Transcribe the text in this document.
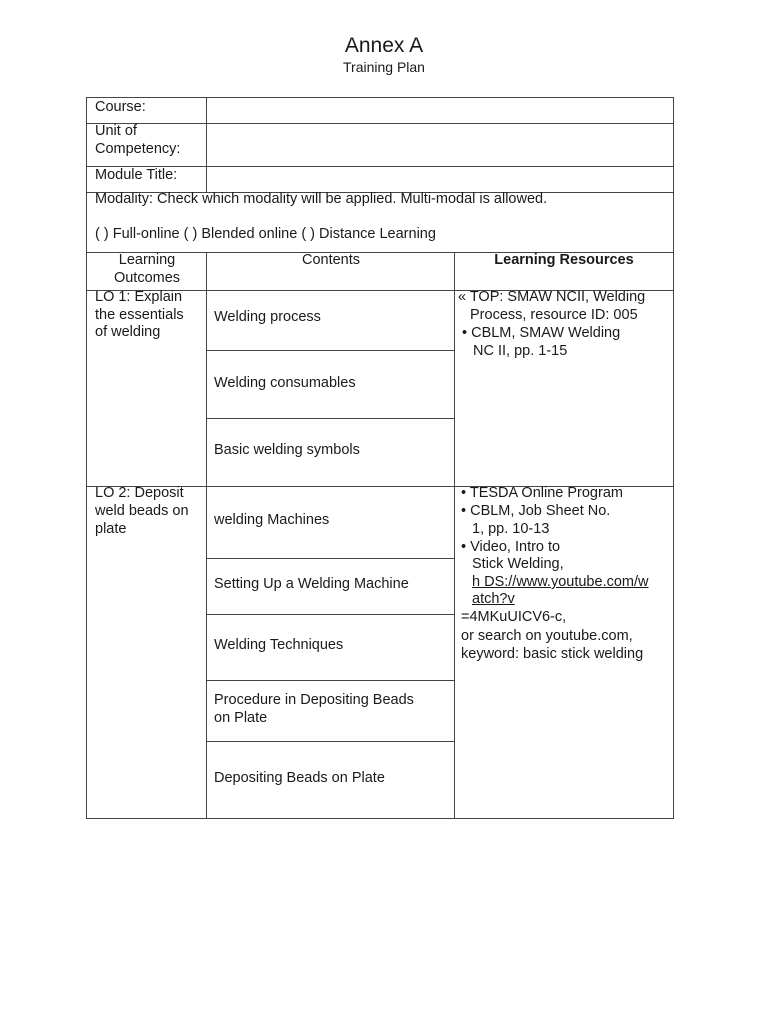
Annex A
Training Plan
Course:
Unit of
Competency:
Module Title:
Modality: Check which modality will be applied. Multi-modal is allowed.
( ) Full-online ( ) Blended online ( ) Distance Learning
Learning
Outcomes
Contents	Learning Resources
LO 1: Explain
the essentials
of welding
Welding process
Welding consumables
Basic welding symbols
« TOP: SMAW NCII, Welding
Process, resource ID: 005
• CBLM, SMAW Welding
NC II, pp. 1-15
LO 2: Deposit
weld beads on
plate
welding Machines
Setting Up a Welding Machine
Welding Techniques
Procedure in Depositing Beads
on Plate
Depositing Beads on Plate
• TESDA Online Program
• CBLM, Job Sheet No.
1, pp. 10-13
• Video, Intro to
Stick Welding,
h DS://www.youtube.com/w
atch?v
=4MKuUICV6-c,
or search on youtube.com,
keyword: basic stick welding
